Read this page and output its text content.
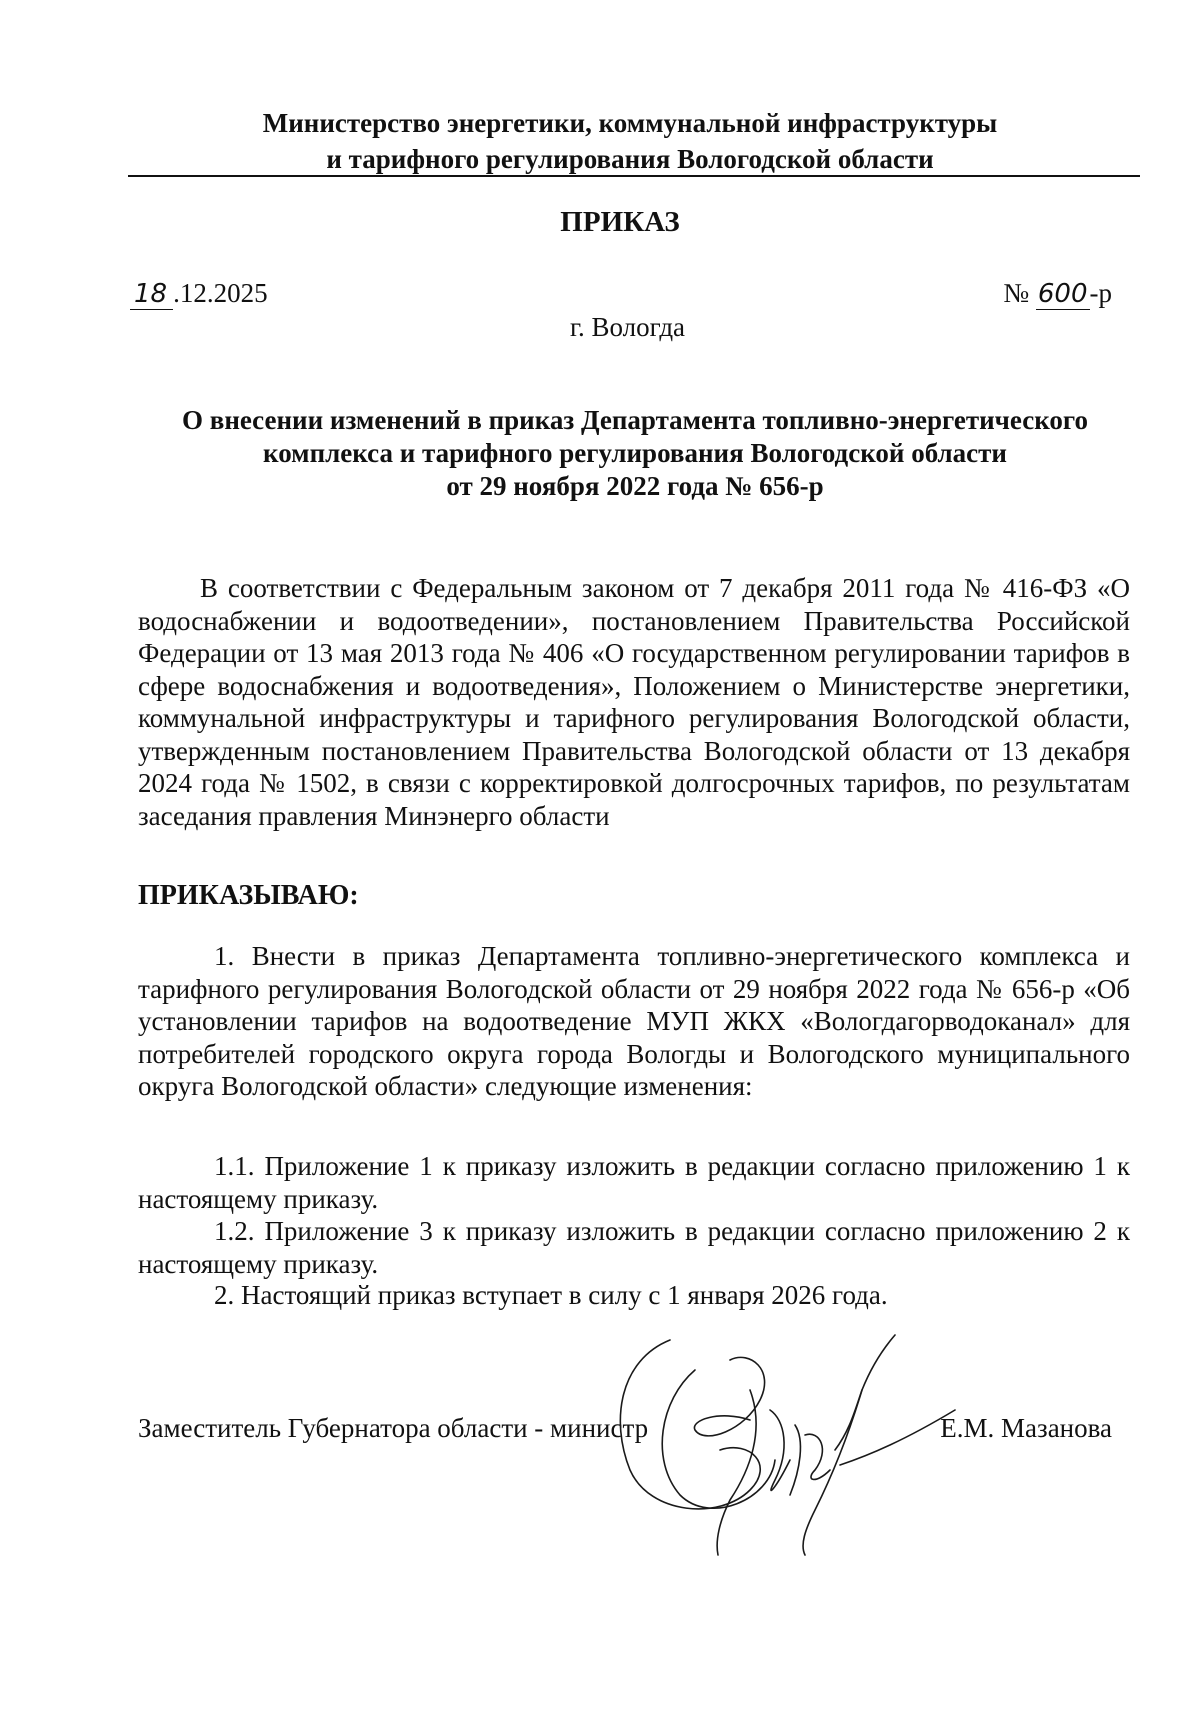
Министерство энергетики, коммунальной инфраструктуры
и тарифного регулирования Вологодской области
ПРИКАЗ
18 .12.2025	№ 600-р
г. Вологда
О внесении изменений в приказ Департамента топливно-энергетического
комплекса и тарифного регулирования Вологодской области
от 29 ноября 2022 года № 656-р
В соответствии с Федеральным законом от 7 декабря 2011 года № 416-ФЗ «О водоснабжении и водоотведении», постановлением Правительства Российской Федерации от 13 мая 2013 года № 406 «О государственном регулировании тарифов в сфере водоснабжения и водоотведения», Положением о Министерстве энергетики, коммунальной инфраструктуры и тарифного регулирования Вологодской области, утвержденным постановлением Правительства Вологодской области от 13 декабря 2024 года № 1502, в связи с корректировкой долгосрочных тарифов, по результатам заседания правления Минэнерго области
ПРИКАЗЫВАЮ:
1. Внести в приказ Департамента топливно-энергетического комплекса и тарифного регулирования Вологодской области от 29 ноября 2022 года № 656-р «Об установлении тарифов на водоотведение МУП ЖКХ «Вологдагорводоканал» для потребителей городского округа города Вологды и Вологодского муниципального округа Вологодской области» следующие изменения:
1.1. Приложение 1 к приказу изложить в редакции согласно приложению 1 к настоящему приказу.
1.2. Приложение 3 к приказу изложить в редакции согласно приложению 2 к настоящему приказу.
2. Настоящий приказ вступает в силу с 1 января 2026 года.
Заместитель Губернатора области - министр	Е.М. Мазанова
